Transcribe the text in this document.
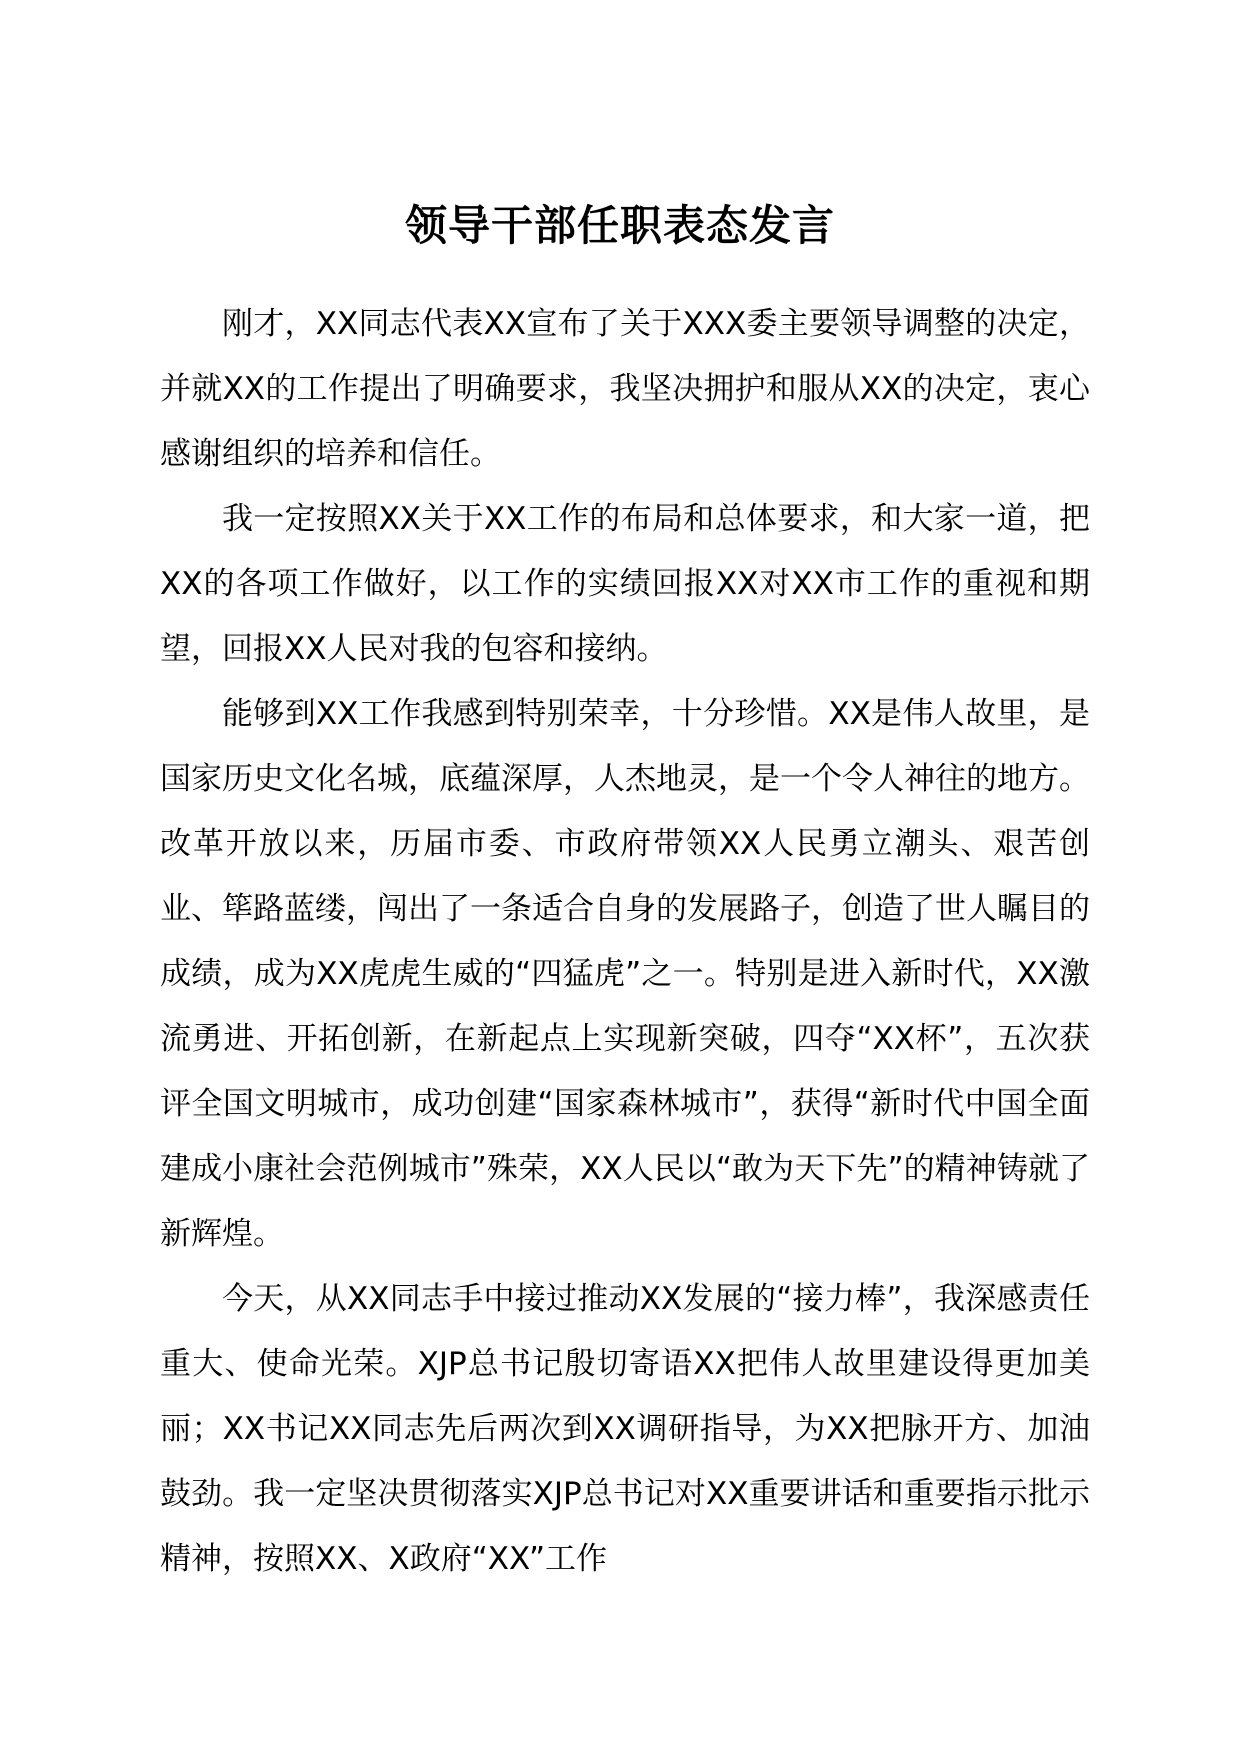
领导干部任职表态发言

刚才，XX同志代表XX宣布了关于XXX委主要领导调整的决定，并就XX的工作提出了明确要求，我坚决拥护和服从XX的决定，衷心感谢组织的培养和信任。

我一定按照XX关于XX工作的布局和总体要求，和大家一道，把XX的各项工作做好，以工作的实绩回报XX对XX市工作的重视和期望，回报XX人民对我的包容和接纳。

能够到XX工作我感到特别荣幸，十分珍惜。XX是伟人故里，是国家历史文化名城，底蕴深厚，人杰地灵，是一个令人神往的地方。改革开放以来，历届市委、市政府带领XX人民勇立潮头、艰苦创业、筚路蓝缕，闯出了一条适合自身的发展路子，创造了世人瞩目的成绩，成为XX虎虎生威的“四猛虎”之一。特别是进入新时代，XX激流勇进、开拓创新，在新起点上实现新突破，四夺“XX杯”，五次获评全国文明城市，成功创建“国家森林城市”，获得“新时代中国全面建成小康社会范例城市”殊荣，XX人民以“敢为天下先”的精神铸就了新辉煌。

今天，从XX同志手中接过推动XX发展的“接力棒”，我深感责任重大、使命光荣。XJP总书记殷切寄语XX把伟人故里建设得更加美丽；XX书记XX同志先后两次到XX调研指导，为XX把脉开方、加油鼓劲。我一定坚决贯彻落实XJP总书记对XX重要讲话和重要指示批示精神，按照XX、X政府“XX”工作
